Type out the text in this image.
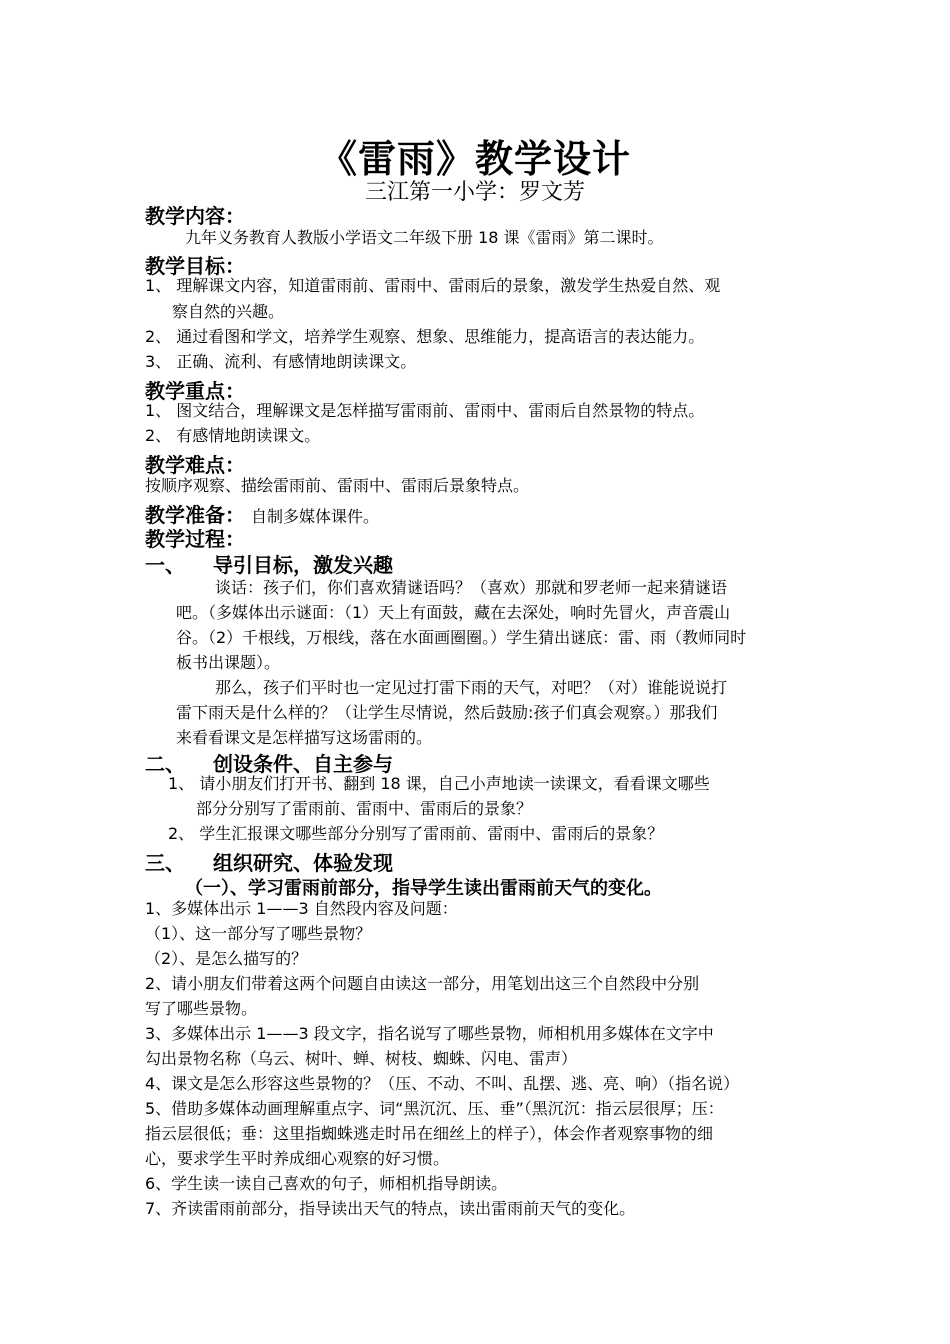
《雷雨》教学设计
三江第一小学：罗文芳
教学内容：
九年义务教育人教版小学语文二年级下册 18 课《雷雨》第二课时。
教学目标：
1、 理解课文内容，知道雷雨前、雷雨中、雷雨后的景象，激发学生热爱自然、观
察自然的兴趣。
2、 通过看图和学文，培养学生观察、想象、思维能力，提高语言的表达能力。
3、 正确、流利、有感情地朗读课文。
教学重点：
1、 图文结合，理解课文是怎样描写雷雨前、雷雨中、雷雨后自然景物的特点。
2、 有感情地朗读课文。
教学难点：
按顺序观察、描绘雷雨前、雷雨中、雷雨后景象特点。
教学准备： 自制多媒体课件。
教学过程：
一、 导引目标，激发兴趣
谈话：孩子们，你们喜欢猜谜语吗？（喜欢）那就和罗老师一起来猜谜语
吧。（多媒体出示谜面：（1）天上有面鼓，藏在去深处，响时先冒火，声音震山
谷。（2）千根线，万根线，落在水面画圈圈。）学生猜出谜底：雷、雨（教师同时
板书出课题）。
那么，孩子们平时也一定见过打雷下雨的天气，对吧？（对）谁能说说打
雷下雨天是什么样的？（让学生尽情说，然后鼓励:孩子们真会观察。）那我们
来看看课文是怎样描写这场雷雨的。
二、 创设条件、自主参与
1、 请小朋友们打开书、翻到 18 课，自己小声地读一读课文，看看课文哪些
部分分别写了雷雨前、雷雨中、雷雨后的景象？
2、 学生汇报课文哪些部分分别写了雷雨前、雷雨中、雷雨后的景象？
三、 组织研究、体验发现
（一）、学习雷雨前部分，指导学生读出雷雨前天气的变化。
1、多媒体出示 1——3 自然段内容及问题：
（1）、这一部分写了哪些景物？
（2）、是怎么描写的？
2、请小朋友们带着这两个问题自由读这一部分，用笔划出这三个自然段中分别
写了哪些景物。
3、多媒体出示 1——3 段文字，指名说写了哪些景物，师相机用多媒体在文字中
勾出景物名称（乌云、树叶、蝉、树枝、蜘蛛、闪电、雷声）
4、课文是怎么形容这些景物的？（压、不动、不叫、乱摆、逃、亮、响）（指名说）
5、借助多媒体动画理解重点字、词“黑沉沉、压、垂”（黑沉沉：指云层很厚；压：
指云层很低；垂：这里指蜘蛛逃走时吊在细丝上的样子），体会作者观察事物的细
心，要求学生平时养成细心观察的好习惯。
6、学生读一读自己喜欢的句子，师相机指导朗读。
7、齐读雷雨前部分，指导读出天气的特点，读出雷雨前天气的变化。
